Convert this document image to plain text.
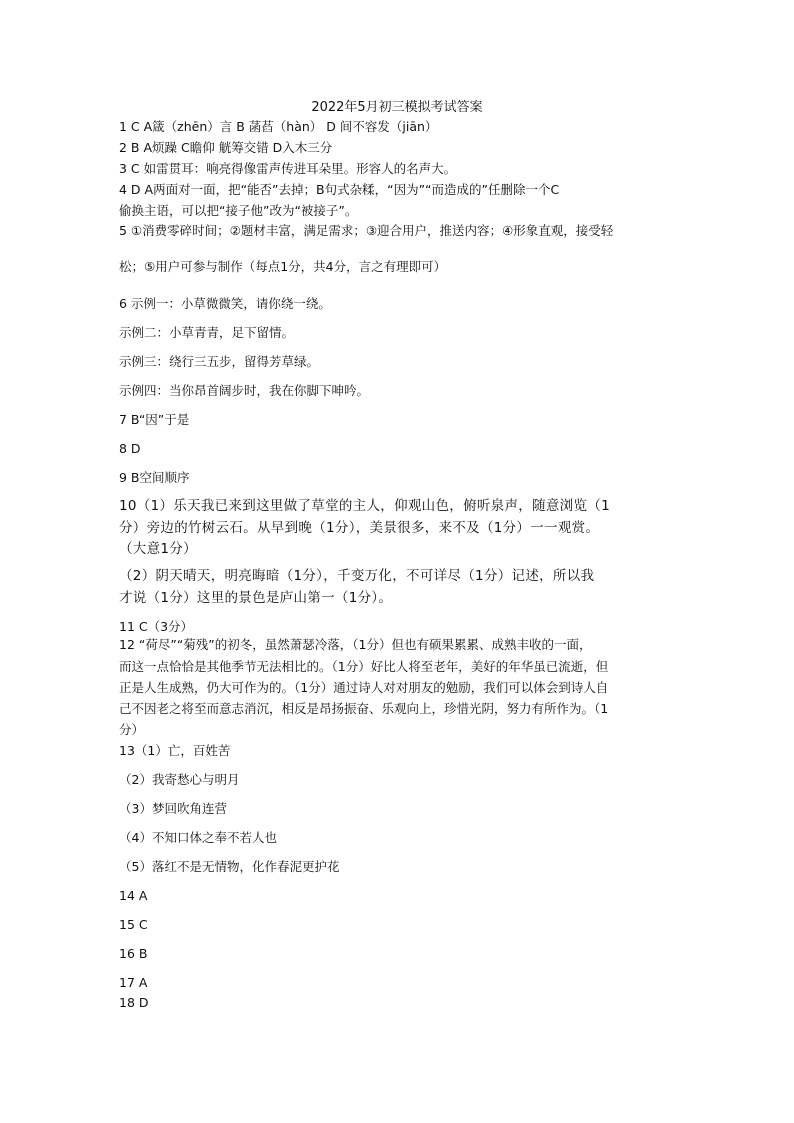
2022年5月初三模拟考试答案
1 C A箴（zhēn）言 B 菡萏（hàn） D 间不容发（jiān）
2 B A烦躁 C瞻仰 觥筹交错 D入木三分
3 C 如雷贯耳：响亮得像雷声传进耳朵里。形容人的名声大。
4 D A两面对一面，把“能否”去掉；B句式杂糅，“因为”“而造成的”任删除一个C
偷换主语，可以把“接子他”改为“被接子”。
5 ①消费零碎时间；②题材丰富，满足需求；③迎合用户，推送内容；④形象直观，接受轻
松；⑤用户可参与制作（每点1分，共4分，言之有理即可）
6 示例一：小草微微笑，请你绕一绕。
示例二：小草青青，足下留情。
示例三：绕行三五步，留得芳草绿。
示例四：当你昂首阔步时，我在你脚下呻吟。
7 B“因”于是
8 D
9 B空间顺序
10（1）乐天我已来到这里做了草堂的主人，仰观山色，俯听泉声，随意浏览（1
分）旁边的竹树云石。从早到晚（1分），美景很多，来不及（1分）一一观赏。
（大意1分）
（2）阴天晴天，明亮晦暗（1分），千变万化，不可详尽（1分）记述，所以我
才说（1分）这里的景色是庐山第一（1分）。
11 C（3分）
12 “荷尽”“菊残”的初冬，虽然萧瑟冷落，（1分）但也有硕果累累、成熟丰收的一面，
而这一点恰恰是其他季节无法相比的。（1分）好比人将至老年，美好的年华虽已流逝，但
正是人生成熟，仍大可作为的。（1分）通过诗人对对朋友的勉励，我们可以体会到诗人自
己不因老之将至而意志消沉，相反是昂扬振奋、乐观向上，珍惜光阴，努力有所作为。（1
分）
13（1）亡，百姓苦
（2）我寄愁心与明月
（3）梦回吹角连营
（4）不知口体之奉不若人也
（5）落红不是无情物，化作春泥更护花
14 A
15 C
16 B
17 A
18 D
